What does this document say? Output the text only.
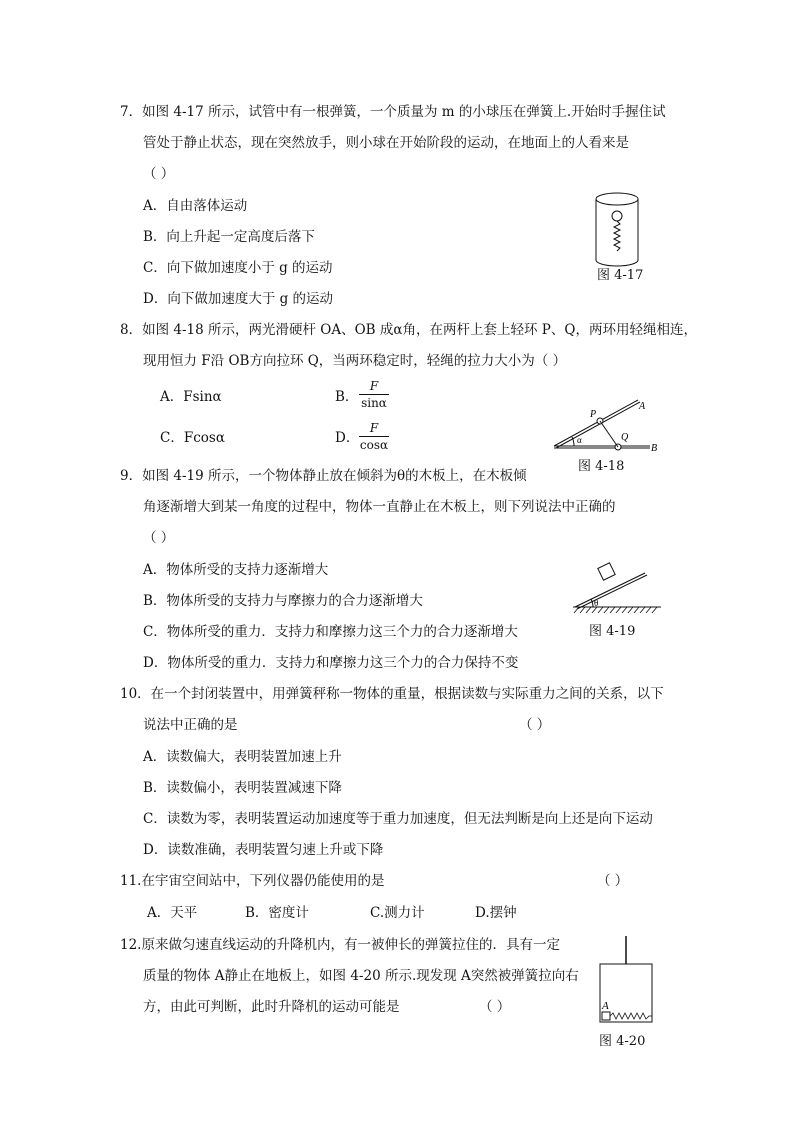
7．如图 4-17 所示，试管中有一根弹簧，一个质量为 m 的小球压在弹簧上.开始时手握住试
管处于静止状态，现在突然放手，则小球在开始阶段的运动，在地面上的人看来是
（ ）
A．自由落体运动
B．向上升起一定高度后落下
C．向下做加速度小于 g 的运动
D．向下做加速度大于 g 的运动
图 4-17
8．如图 4-18 所示，两光滑硬杆 OA、OB 成α角，在两杆上套上轻环 P、Q，两环用轻绳相连，
现用恒力 F沿 OB方向拉环 Q，当两环稳定时，轻绳的拉力大小为（ ）
A．Fsinα	B．
F
sinα
C．Fcosα	D．
F
cosα
P
Q
A
B
α
图 4-18
9．如图 4-19 所示，一个物体静止放在倾斜为θ的木板上，在木板倾
角逐渐增大到某一角度的过程中，物体一直静止在木板上，则下列说法中正确的
（ ）
A．物体所受的支持力逐渐增大
B．物体所受的支持力与摩擦力的合力逐渐增大
C．物体所受的重力．支持力和摩擦力这三个力的合力逐渐增大
D．物体所受的重力．支持力和摩擦力这三个力的合力保持不变
θ
图 4-19
10．在一个封闭装置中，用弹簧秤称一物体的重量，根据读数与实际重力之间的关系，以下
说法中正确的是	（ ）
A．读数偏大，表明装置加速上升
B．读数偏小，表明装置减速下降
C．读数为零，表明装置运动加速度等于重力加速度，但无法判断是向上还是向下运动
D．读数准确，表明装置匀速上升或下降
11.在宇宙空间站中，下列仪器仍能使用的是	（ ）
A．天平	B．密度计	C.测力计	D.摆钟
12.原来做匀速直线运动的升降机内，有一被伸长的弹簧拉住的．具有一定
质量的物体 A静止在地板上，如图 4-20 所示.现发现 A突然被弹簧拉向右
方，由此可判断，此时升降机的运动可能是	（ ）	A
图 4-20
